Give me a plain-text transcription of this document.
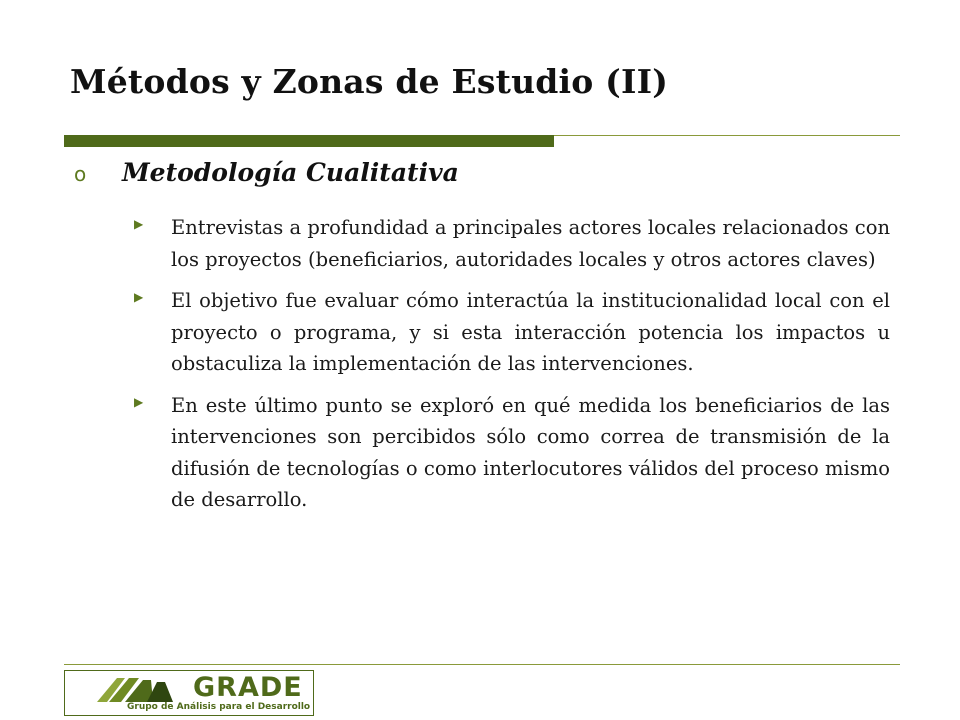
Métodos y Zonas de Estudio (II)
o	Metodología Cualitativa
▶	Entrevistas a profundidad a principales actores locales relacionados con los proyectos (beneficiarios, autoridades locales y otros actores claves)
▶	El objetivo fue evaluar cómo interactúa la institucionalidad local con el proyecto o programa, y si esta interacción potencia los impactos u obstaculiza la implementación de las intervenciones.
▶	En este último punto se exploró en qué medida los beneficiarios de las intervenciones son percibidos sólo como correa de transmisión de la difusión de tecnologías o como interlocutores válidos del proceso mismo de desarrollo.
GRADE
Grupo de Análisis para el Desarrollo
